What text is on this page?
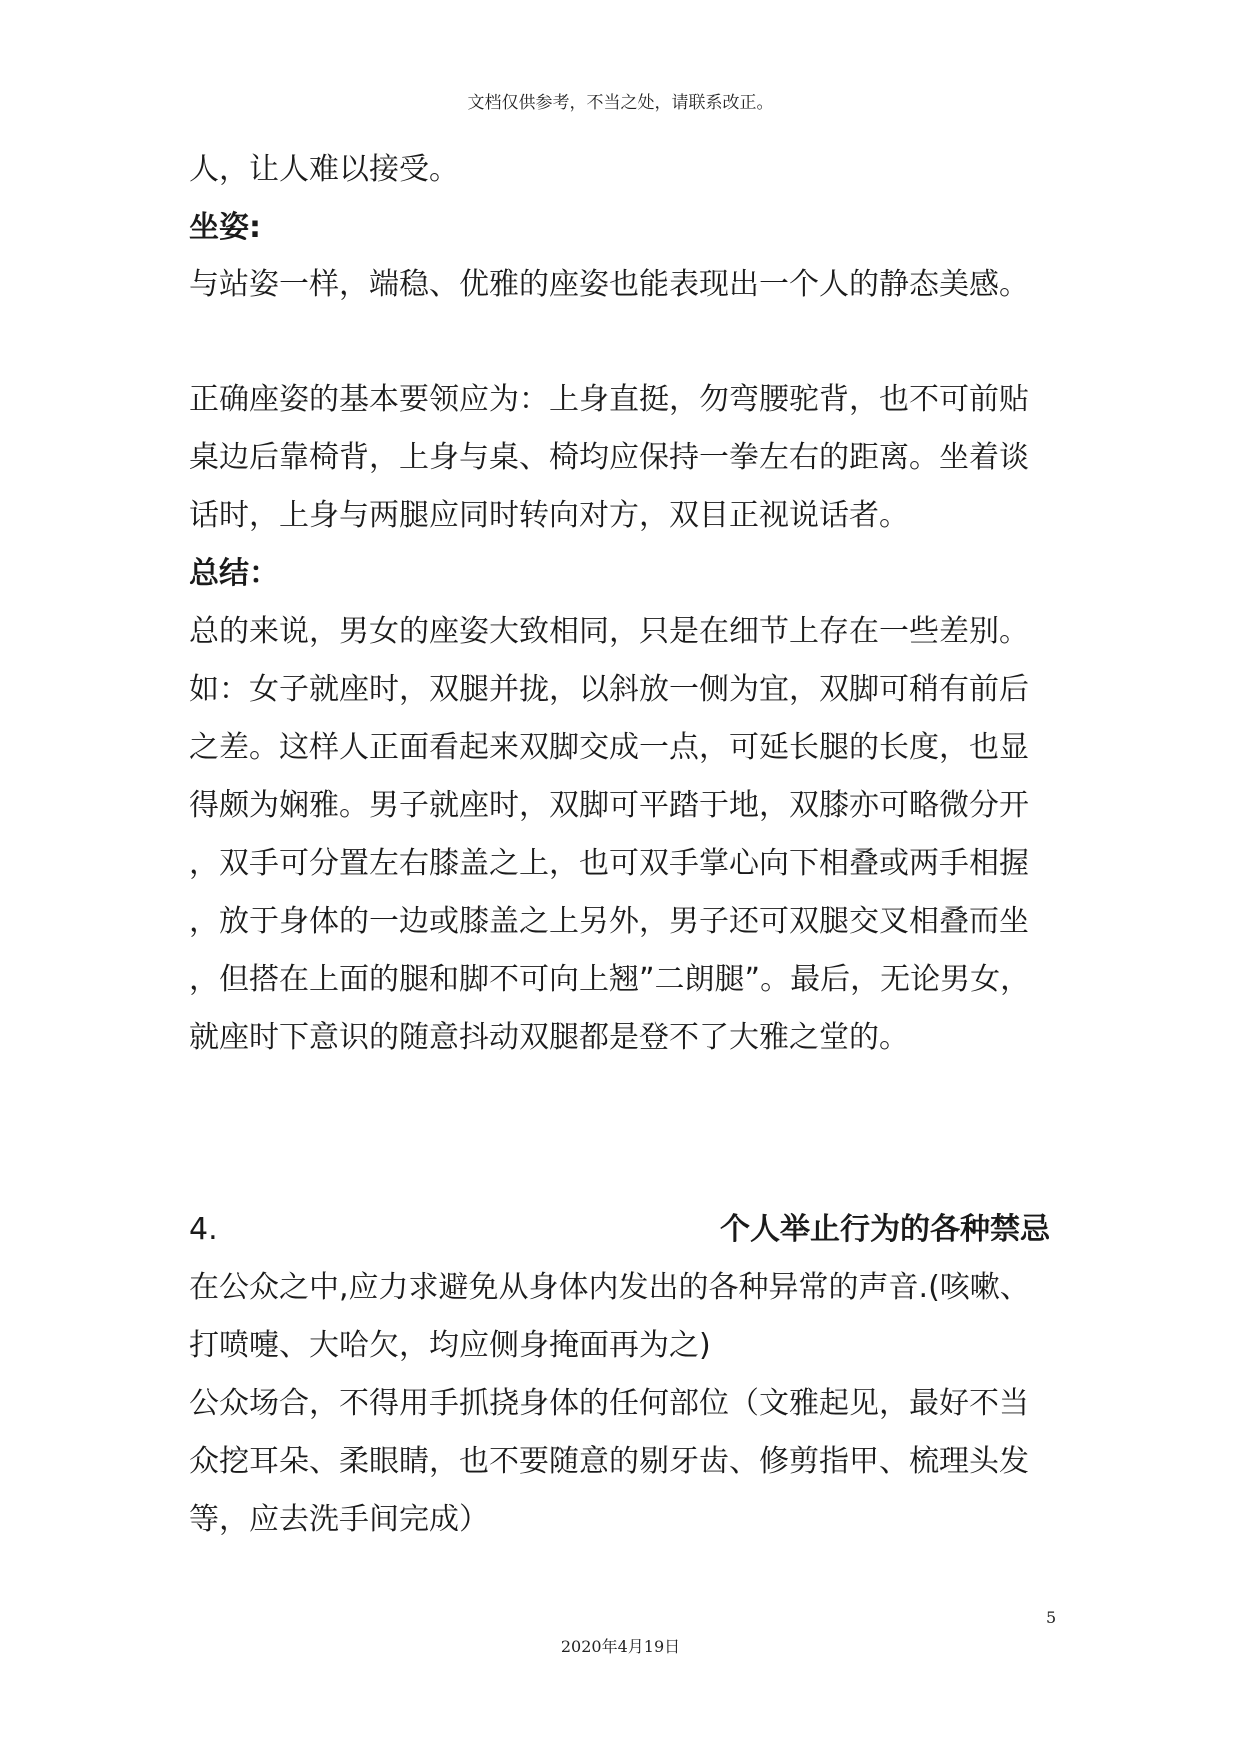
文档仅供参考，不当之处，请联系改正。
人，让人难以接受。
坐姿:
与站姿一样，端稳、优雅的座姿也能表现出一个人的静态美感。
正确座姿的基本要领应为：上身直挺，勿弯腰驼背，也不可前贴
桌边后靠椅背，上身与桌、椅均应保持一拳左右的距离。坐着谈
话时，上身与两腿应同时转向对方，双目正视说话者。
总结：
总的来说，男女的座姿大致相同，只是在细节上存在一些差别。
如：女子就座时，双腿并拢，以斜放一侧为宜，双脚可稍有前后
之差。这样人正面看起来双脚交成一点，可延长腿的长度，也显
得颇为娴雅。男子就座时，双脚可平踏于地，双膝亦可略微分开
，双手可分置左右膝盖之上，也可双手掌心向下相叠或两手相握
，放于身体的一边或膝盖之上另外，男子还可双腿交叉相叠而坐
，但搭在上面的腿和脚不可向上翘”二朗腿”。最后，无论男女，
就座时下意识的随意抖动双腿都是登不了大雅之堂的。
4.	个人举止行为的各种禁忌
在公众之中,应力求避免从身体内发出的各种异常的声音.(咳嗽、
打喷嚏、大哈欠，均应侧身掩面再为之)
公众场合，不得用手抓挠身体的任何部位（文雅起见，最好不当
众挖耳朵、柔眼睛，也不要随意的剔牙齿、修剪指甲、梳理头发
等，应去洗手间完成）
5
2020年4月19日
